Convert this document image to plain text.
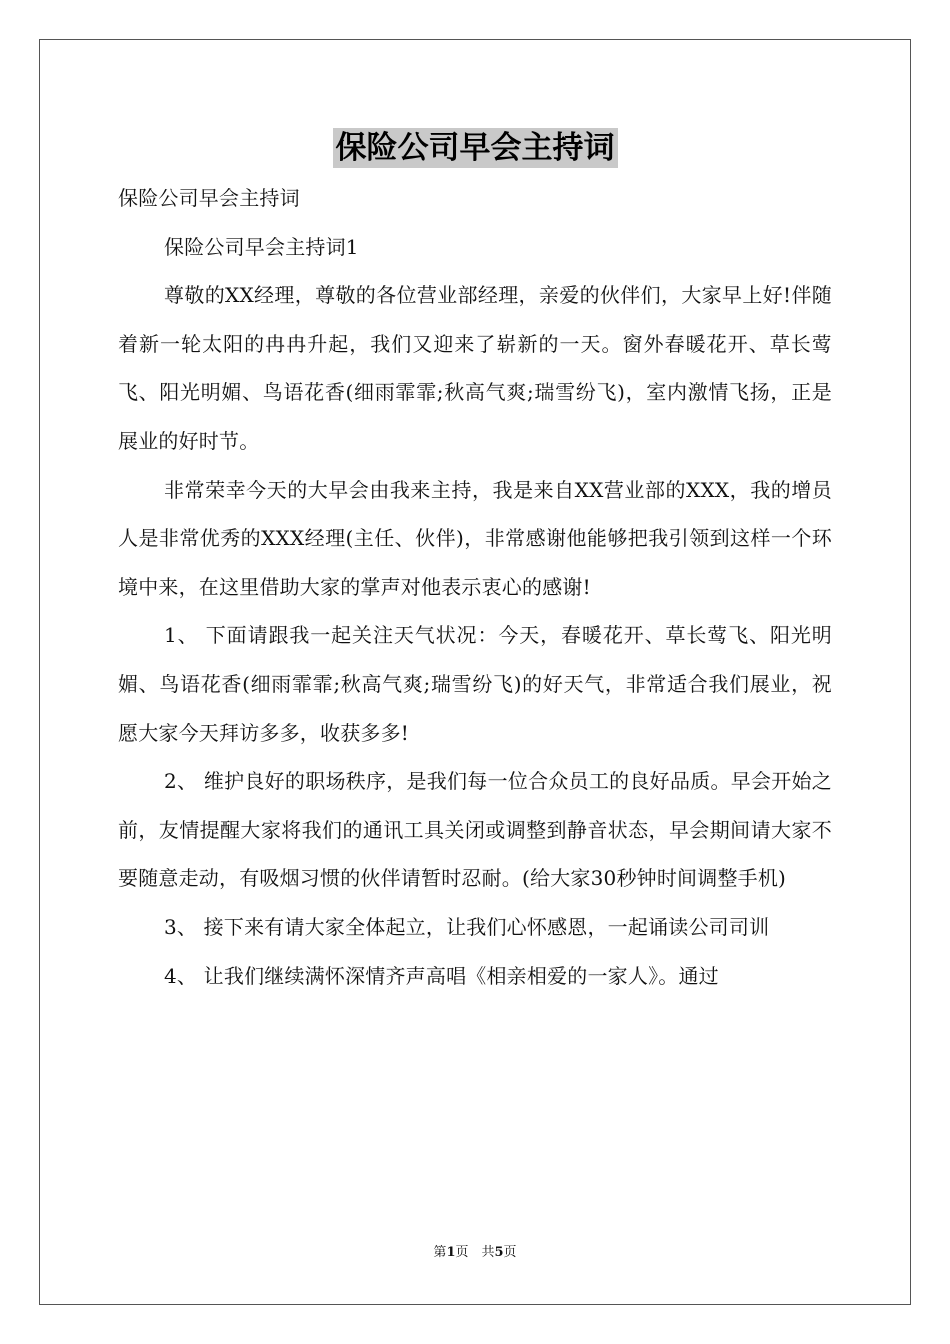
保险公司早会主持词

保险公司早会主持词

保险公司早会主持词1

尊敬的XX经理，尊敬的各位营业部经理，亲爱的伙伴们，大家早上好!伴随着新一轮太阳的冉冉升起，我们又迎来了崭新的一天。窗外春暖花开、草长莺飞、阳光明媚、鸟语花香(细雨霏霏;秋高气爽;瑞雪纷飞)，室内激情飞扬，正是展业的好时节。

非常荣幸今天的大早会由我来主持，我是来自XX营业部的XXX，我的增员人是非常优秀的XXX经理(主任、伙伴)，非常感谢他能够把我引领到这样一个环境中来，在这里借助大家的掌声对他表示衷心的感谢!

1、 下面请跟我一起关注天气状况：今天，春暖花开、草长莺飞、阳光明媚、鸟语花香(细雨霏霏;秋高气爽;瑞雪纷飞)的好天气，非常适合我们展业，祝愿大家今天拜访多多，收获多多!

2、 维护良好的职场秩序，是我们每一位合众员工的良好品质。早会开始之前，友情提醒大家将我们的通讯工具关闭或调整到静音状态，早会期间请大家不要随意走动，有吸烟习惯的伙伴请暂时忍耐。(给大家30秒钟时间调整手机)

3、 接下来有请大家全体起立，让我们心怀感恩，一起诵读公司司训

4、 让我们继续满怀深情齐声高唱《相亲相爱的一家人》。通过

第1页　共5页
